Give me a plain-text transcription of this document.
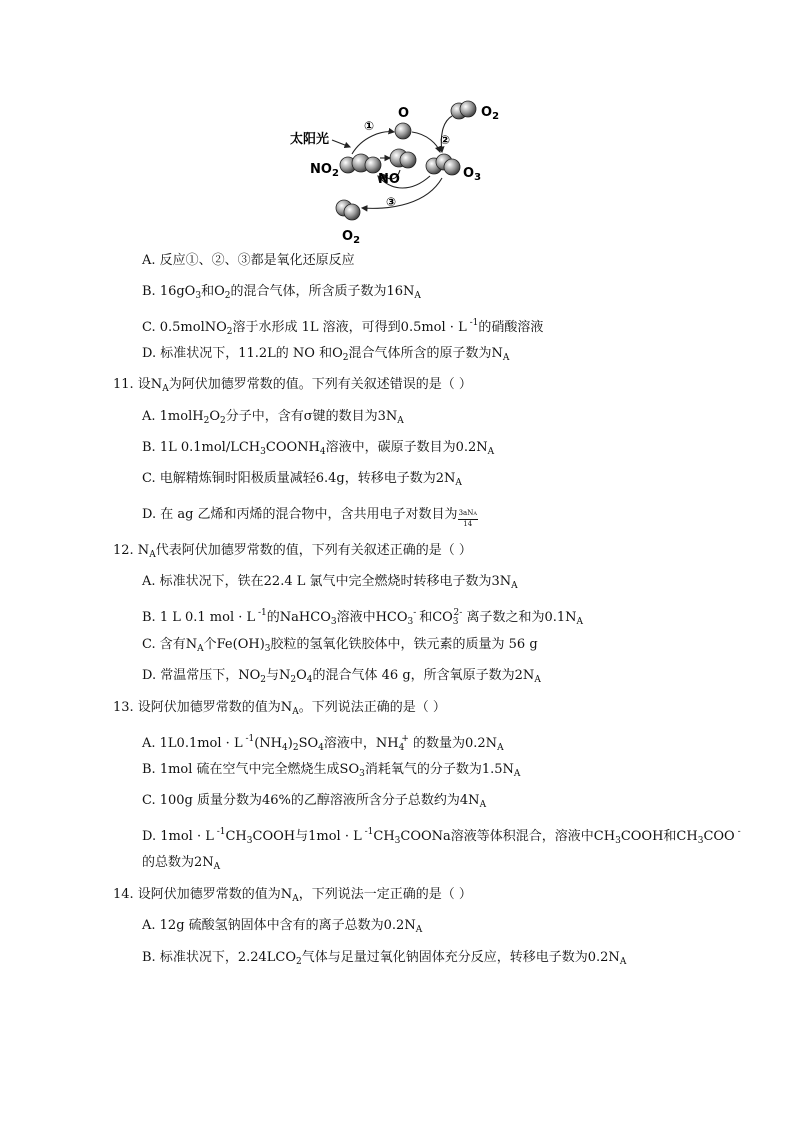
太阳光
$NO_2$	NO
O	$O_2$
$O_3$
$O_2$
①
②
③
A. 反应①、②、③都是氧化还原反应
B. $16gO_3$和$O_2$的混合气体，所含质子数为$16N_A$
C. 0.5molNO$_2$溶于水形成 1L 溶液，可得到0.5mol · L $^{-1}$的硝酸溶液
D. 标准状况下，11.2L的 NO 和$O_2$混合气体所含的原子数为$N_A$
11. 设$N_A$为阿伏加德罗常数的值。下列有关叙述错误的是（ ）
A. $1molH_2O_2$分子中，含有σ键的数目为$3N_A$
B. 1L $0.1mol/LCH_3COONH_4$溶液中，碳原子数目为$0.2N_A$
C. 电解精炼铜时阳极质量减轻6.4g，转移电子数为$2N_A$
D. 在 ag 乙烯和丙烯的混合物中，含共用电子对数目为 $\frac{\text{3aNA}}{14}$
12. $N_A$代表阿伏加德罗常数的值，下列有关叙述正确的是（ ）
A. 标准状况下，铁在22.4 L 氯气中完全燃烧时转移电子数为$3N_A$
B. 1 L 0.1 mol · L $^{-1}$的NaHCO$_3$溶液中$HCO_3^-$ 和$CO_3^{2-}$ 离子数之和为$0.1N_A$
C. 含有$N_A$个$Fe(OH)_3$胶粒的氢氧化铁胶体中，铁元素的质量为 56 g
D. 常温常压下，$NO_2$与$N_2O_4$的混合气体 46 g，所含氧原子数为$2N_A$
13. 设阿伏加德罗常数的值为$N_A$。下列说法正确的是（ ）
A. 1L0.1mol · L $^{-1}(NH_4)_2SO_4$溶液中，$NH_4^+$ 的数量为$0.2N_A$
B. 1mol 硫在空气中完全燃烧生成$SO_3$消耗氧气的分子数为$1.5N_A$
C. 100g 质量分数为46%的乙醇溶液所含分子总数约为$4N_A$
D. 1mol · L $^{-1}CH_3COOH$与1mol · L $^{-1}CH_3COONa$溶液等体积混合，溶液中$CH_3COOH$和$CH_3COO$ -
的总数为$2N_A$
14. 设阿伏加德罗常数的值为$N_A$，下列说法一定正确的是（ ）
A. 12g 硫酸氢钠固体中含有的离子总数为$0.2N_A$
B. 标准状况下，$2.24LCO_2$气体与足量过氧化钠固体充分反应，转移电子数为$0.2N_A$
